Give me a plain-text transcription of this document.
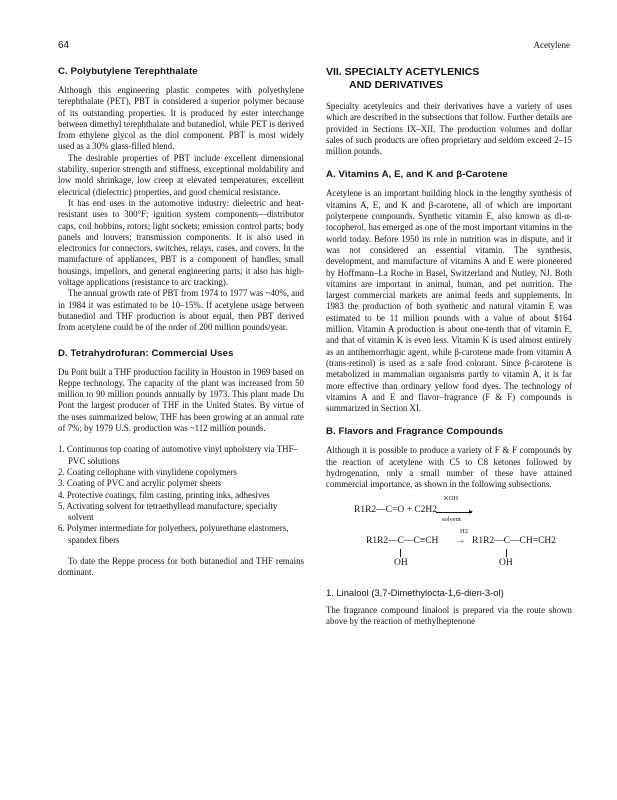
64	Acetylene
C. Polybutylene Terephthalate

Although this engineering plastic competes with polyethylene terephthalate (PET), PBT is considered a superior polymer because of its outstanding properties. It is produced by ester interchange between dimethyl terephthalate and butanediol, while PET is derived from ethylene glycol as the diol component. PBT is most widely used as a 30% glass-filled blend.

The desirable properties of PBT include excellent dimensional stability, superior strength and stiffness, exceptional moldability and low mold shrinkage, low creep at elevated temperatures, excellent electrical (dielectric) properties, and good chemical resistance.

It has end uses in the automotive industry: dielectric and heat-resistant uses to 300°F; ignition system components—distributor caps, coil bobbins, rotors; light sockets; emission control parts; body panels and louvers; transmission components. It is also used in electronics for connectors, switches, relays, cases, and covers. In the manufacture of appliances, PBT is a component of handles, small housings, impellors, and general engineering parts; it also has high-voltage applications (resistance to arc tracking).

The annual growth rate of PBT from 1974 to 1977 was ~40%, and in 1984 it was estimated to be 10–15%. If acetylene usage between butanediol and THF production is about equal, then PBT derived from acetylene could be of the order of 200 million pounds/year.

D. Tetrahydrofuran: Commercial Uses

Du Pont built a THF production facility in Houston in 1969 based on Reppe technology. The capacity of the plant was increased from 50 million to 90 million pounds annually by 1973. This plant made Du Pont the largest producer of THF in the United States. By virtue of the uses summarized below, THF has been growing at an annual rate of 7%; by 1979 U.S. production was ~112 million pounds.

1. Continuous top coating of automotive vinyl upholstery via THF–PVC solutions
2. Coating cellophane with vinylidene copolymers
3. Coating of PVC and acrylic polymer sheets
4. Protective coatings, film casting, printing inks, adhesives
5. Activating solvent for tetraethyllead manufacture, specialty solvent
6. Polymer intermediate for polyethers, polyurethane elastomers, spandex fibers

To date the Reppe process for both butanediol and THF remains dominant.

VII. SPECIALTY ACETYLENICS
AND DERIVATIVES

Specialty acetylenics and their derivatives have a variety of uses which are described in the subsections that follow. Further details are provided in Sections IX–XII. The production volumes and dollar sales of such products are often proprietary and seldom exceed 2–15 million pounds.

A. Vitamins A, E, and K and β-Carotene

Acetylene is an important building block in the lengthy synthesis of vitamins A, E, and K and β-carotene, all of which are important polyterpene compounds. Synthetic vitamin E, also known as dl-α-tocopherol, has emerged as one of the most important vitamins in the world today. Before 1950 its role in nutrition was in dispute, and it was not considered an essential vitamin. The synthesis, development, and manufacture of vitamins A and E were pioneered by Hoffmann–La Roche in Basel, Switzerland and Nutley, NJ. Both vitamins are important in animal, human, and pet nutrition. The largest commercial markets are animal feeds and supplements. In 1983 the production of both synthetic and natural vitamin E was estimated to be 11 million pounds with a value of about $164 million. Vitamin A production is about one-tenth that of vitamin E, and that of vitamin K is even less. Vitamin K is used almost entirely as an antihemorrhagic agent, while β-carotene made from vitamin A (trans-retinol) is used as a safe food colorant. Since β-carotene is metabolized in mammalian organisms partly to vitamin A, it is far more effective than ordinary yellow food dyes. The technology of vitamins A and E and flavor–fragrance (F & F) compounds is summarized in Section XI.

B. Flavors and Fragrance Compounds

Although it is possible to produce a variety of F & F compounds by the reaction of acetylene with C5 to C8 ketones followed by hydrogenation, only a small number of these have attained commercial importance, as shown in the following subsections.

KOH
R1R2—C=O + C2H2	▸
solvent
R1R2—C—C≡CH
H2
→ R1R2—C—CH=CH2
OH	OH
1. Linalool (3,7-Dimethylocta-1,6-dien-3-ol)

The fragrance compound linalool is prepared via the route shown above by the reaction of methylheptenone
